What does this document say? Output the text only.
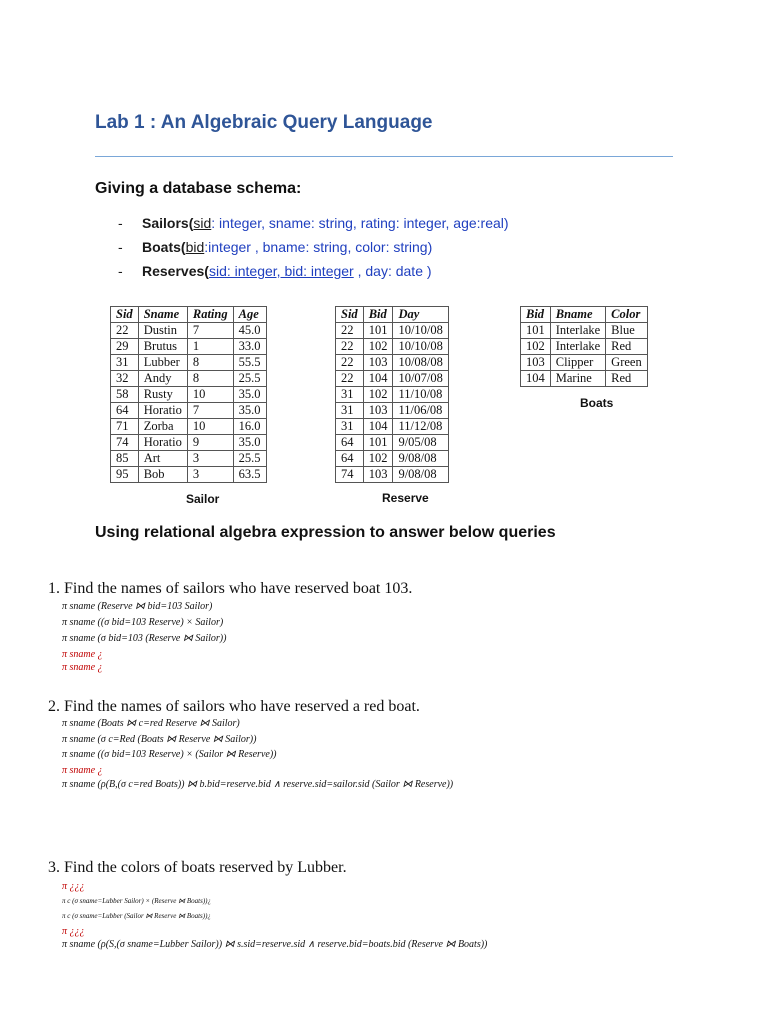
Lab 1 : An Algebraic Query Language
Giving a database schema:
- Sailors(sid: integer, sname: string, rating: integer, age:real)
- Boats(bid:integer , bname: string, color: string)
- Reserves(sid: integer, bid: integer , day: date )
Sid	Sname	Rating	Age
22	Dustin	7	45.0
29	Brutus	1	33.0
31	Lubber	8	55.5
32	Andy	8	25.5
58	Rusty	10	35.0
64	Horatio	7	35.0
71	Zorba	10	16.0
74	Horatio	9	35.0
85	Art	3	25.5
95	Bob	3	63.5
Sailor
Sid	Bid	Day
22	101	10/10/08
22	102	10/10/08
22	103	10/08/08
22	104	10/07/08
31	102	11/10/08
31	103	11/06/08
31	104	11/12/08
64	101	9/05/08
64	102	9/08/08
74	103	9/08/08
Reserve
Bid	Bname	Color
101	Interlake	Blue
102	Interlake	Red
103	Clipper	Green
104	Marine	Red
Boats
Using relational algebra expression to answer below queries
1. Find the names of sailors who have reserved boat 103.
π sname (Reserve ⋈ bid=103 Sailor)
π sname ((σ bid=103 Reserve) × Sailor)
π sname (σ bid=103 (Reserve ⋈ Sailor))
π sname ¿
π sname ¿
2. Find the names of sailors who have reserved a red boat.
π sname (Boats ⋈ c=red Reserve ⋈ Sailor)
π sname (σ c=Red (Boats ⋈ Reserve ⋈ Sailor))
π sname ((σ bid=103 Reserve) × (Sailor ⋈ Reserve))
π sname ¿
π sname (ρ(B,(σ c=red Boats)) ⋈ b.bid=reserve.bid ∧ reserve.sid=sailor.sid (Sailor ⋈ Reserve))
3. Find the colors of boats reserved by Lubber.
π ¿¿¿
π c (σ sname=Lubber Sailor) × (Reserve ⋈ Boats))¿
π c (σ sname=Lubber (Sailor ⋈ Reserve ⋈ Boats))¿
π ¿¿¿
π sname (ρ(S,(σ sname=Lubber Sailor)) ⋈ s.sid=reserve.sid ∧ reserve.bid=boats.bid (Reserve ⋈ Boats))
